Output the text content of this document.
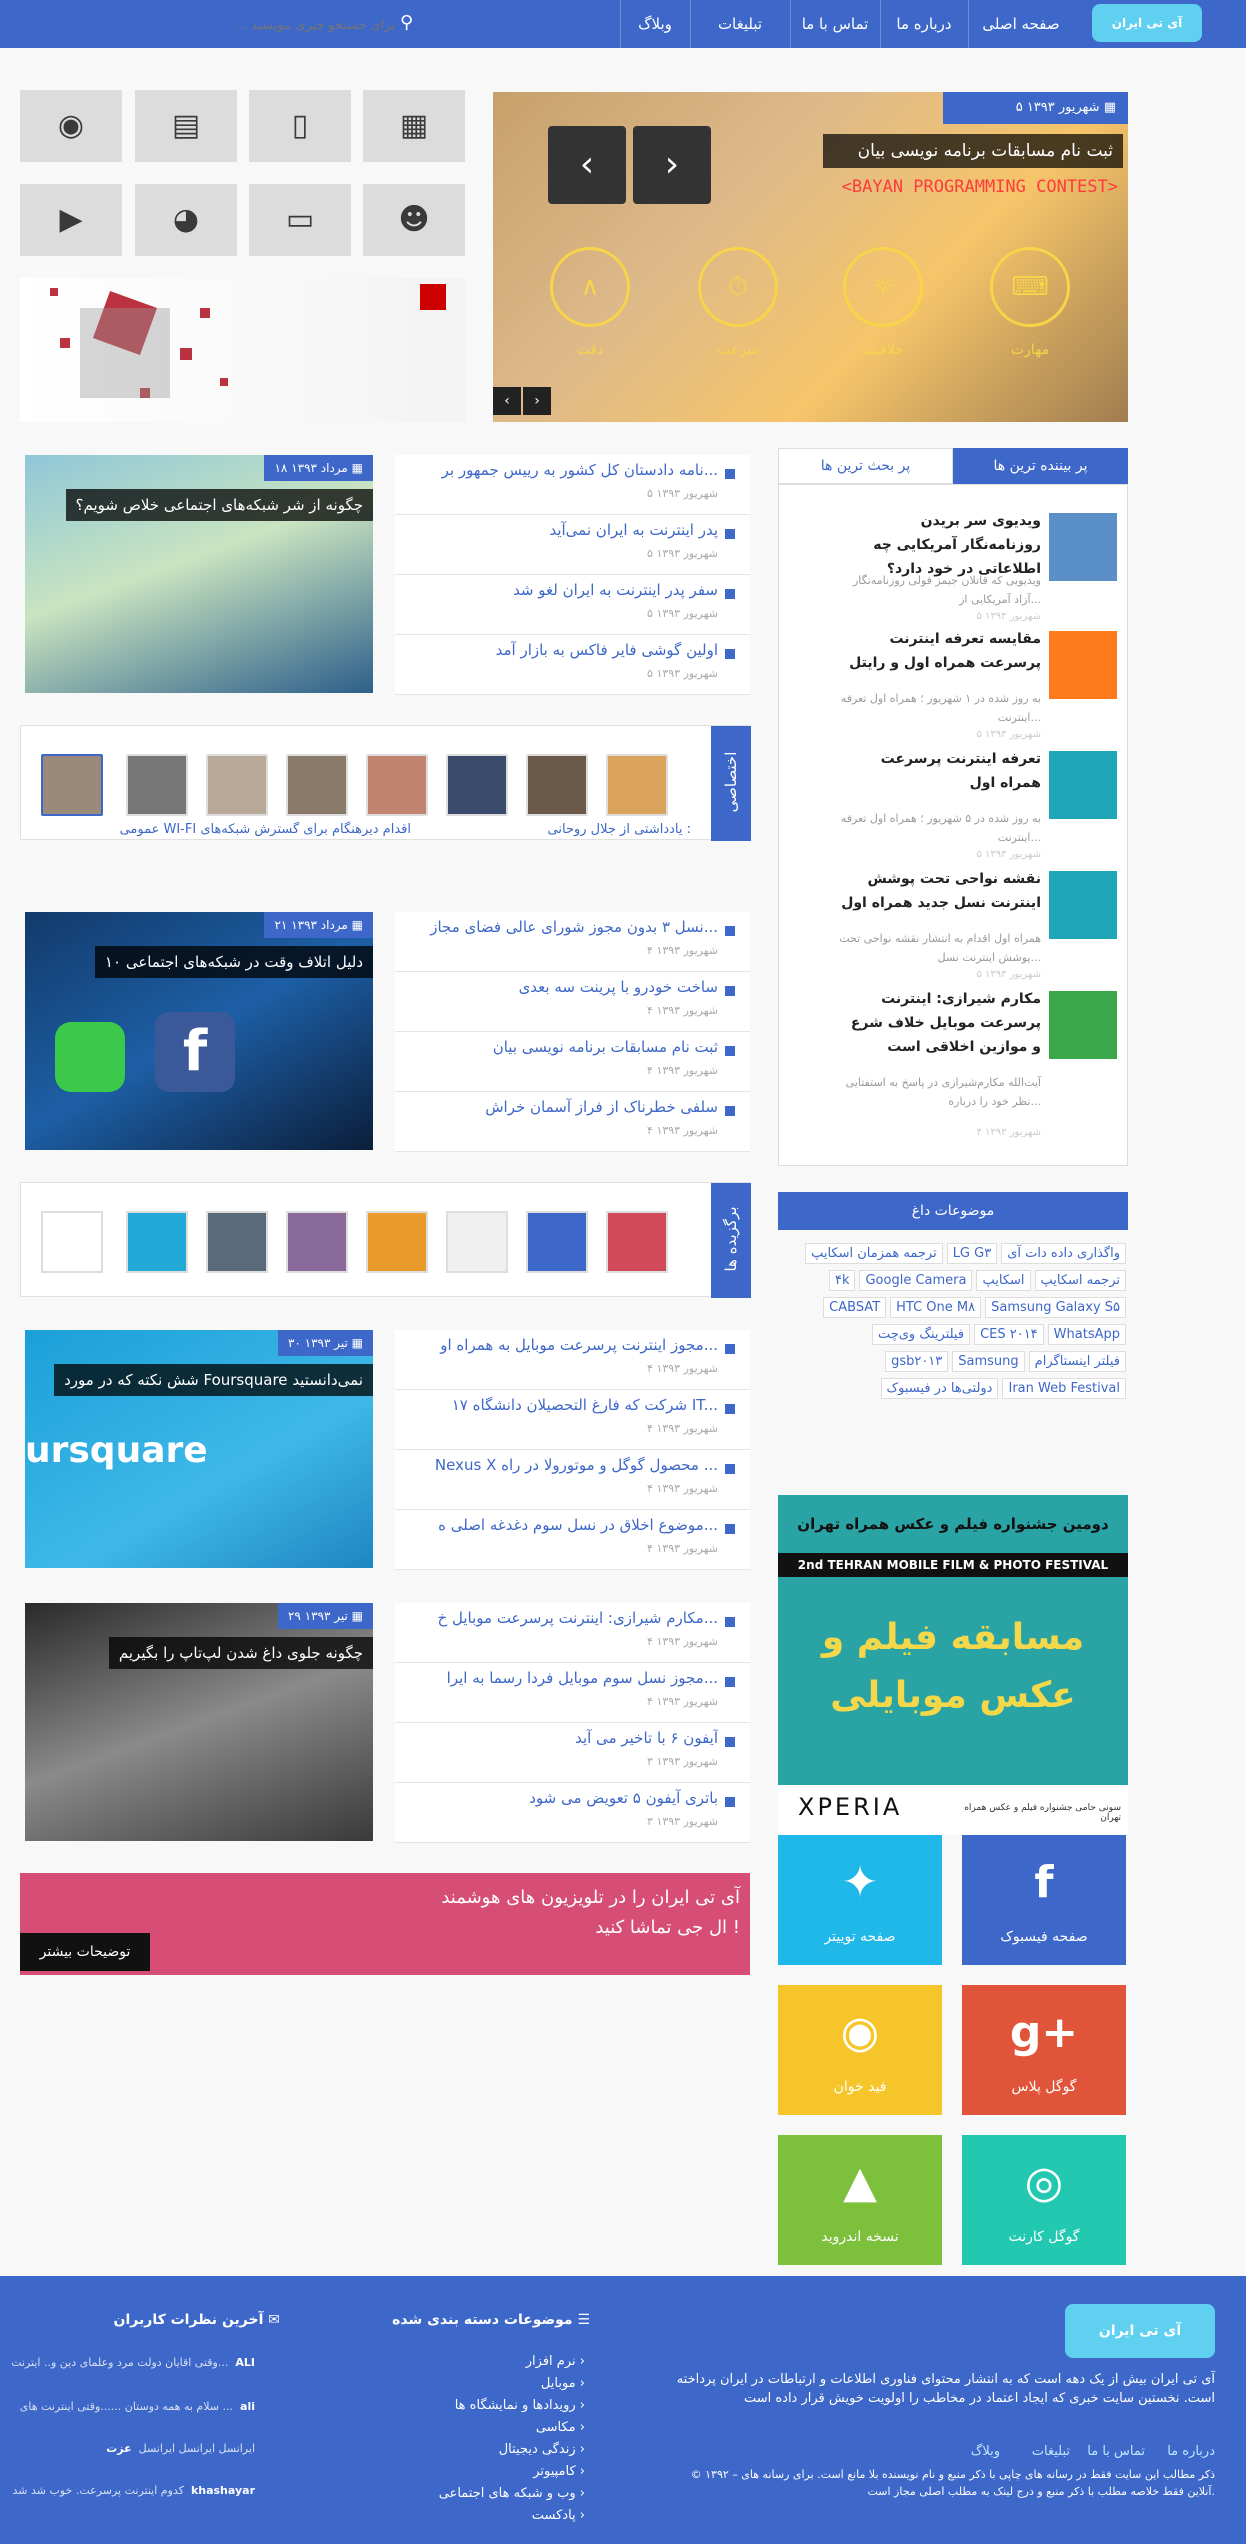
آی تی ایران
صفحه اصلی
درباره ما
تماس با ما
تبلیغات
وبلاگ
⚲
برای جستجو چیزی بنویسید ...
۵ شهریور ۱۳۹۳ ▦
ثبت نام مسابقات برنامه نویسی بیان
<BAYAN PROGRAMMING CONTEST>
‹	›
⌨
☼
⏱
∧
مهارت
خلاقیت
سرعت
دقت
‹	›
▦
▯
▤
◉
☻
▭
◕
▶
پر بحث ترین ها	پر بیننده ترین ها
ویدیوی سر بریدن روزنامه‌نگار آمریکایی چه اطلاعاتی در خود دارد؟
ویدیویی که قاتلان جیمز فولی روزنامه‌نگار آزاد آمریکایی از...
۵ شهریور ۱۳۹۳
مقایسه تعرفه اینترنت پرسرعت همراه اول و رایتل
به روز شده در ۱ شهریور ؛ همراه اول تعرفه اینترنت...
۵ شهریور ۱۳۹۳
تعرفه اینترنت پرسرعت همراه اول
به روز شده در ۵ شهریور ؛ همراه اول تعرفه اینترنت...
۵ شهریور ۱۳۹۳
نقشه نواحی تحت پوشش اینترنت نسل جدید همراه اول
همراه اول اقدام به انتشار نقشه نواحی تحت پوشش اینترنت نسل...
۵ شهریور ۱۳۹۳
مکارم شیرازی: اینترنت پرسرعت موبایل خلاف شرع و موازین اخلاقی است
آیت‌الله مکارم‌شیرازی در پاسخ به استفتایی نظر خود را درباره...
۴ شهریور ۱۳۹۳
موضوعات داغ
واگذاری داده دات آیLG G۳ترجمه همزمان اسکایپترجمه اسکایپاسکایپGoogle Camera۴kSamsung Galaxy S۵HTC One M۸CABSATWhatsAppCES ۲۰۱۴فیلترینگ وی‌چتفیلتر اینستاگرامSamsunggsb۲۰۱۳Iran Web Festivalدولتی‌ها در فیسبوک
دومین جشنواره فیلم و عکس همراه تهران
2nd TEHRAN MOBILE FILM & PHOTO FESTIVAL
مسابقه فیلم و
عکس موبایلی
XPERIA	سونی حامی جشنواره فیلم و عکس همراه تهران
f
صفحه فیسبوک
✦
صفحه توییتر
g+
گوگل پلاس
◉
فید خوان
◎
گوگل کارنت
▲
نسخه اندروید
نامه دادستان کل کشور به رییس جمهور بر...
۵ شهریور ۱۳۹۳
پدر اینترنت به ایران نمی‌آید
۵ شهریور ۱۳۹۳
سفر پدر اینترنت به ایران لغو شد
۵ شهریور ۱۳۹۳
اولین گوشی فایر فاکس به بازار آمد
۵ شهریور ۱۳۹۳
۱۸ مرداد ۱۳۹۳ ▦
چگونه از شر شبکه‌های اجتماعی خلاص شویم؟
اختصاصی
یادداشتی از جلال روحانی :
اقدام دیرهنگام برای گسترش شبکه‌های WI-FI عمومی
نسل ۳ بدون مجوز شورای عالی فضای مجاز...
۴ شهریور ۱۳۹۳
ساخت خودرو با پرینت سه بعدی
۴ شهریور ۱۳۹۳
ثبت نام مسابقات برنامه نویسی بیان
۴ شهریور ۱۳۹۳
سلفی خطرناک از فراز آسمان خراش
۴ شهریور ۱۳۹۳
۲۱ مرداد ۱۳۹۳ ▦
۱۰ دلیل اتلاف وقت در شبکه‌های اجتماعی
f
برگزیده ها
مجوز اینترنت پرسرعت موبایل به همراه او...
۴ شهریور ۱۳۹۳
۱۷ شرکت که فارغ التحصیلان دانشگاه IT...
۴ شهریور ۱۳۹۳
Nexus X محصول گوگل و موتورولا در راه ...
۴ شهریور ۱۳۹۳
موضوع اخلاق در نسل سوم دغدغه اصلی ه...
۴ شهریور ۱۳۹۳
۳۰ تیر ۱۳۹۳ ▦
شش نکته که در مورد Foursquare نمی‌دانستید
ursquare
مکارم شیرازی: اینترنت پرسرعت موبایل خ...
۴ شهریور ۱۳۹۳
مجوز نسل سوم موبایل فردا رسما به ایرا...
۴ شهریور ۱۳۹۳
آیفون ۶ با تاخیر می آید
۳ شهریور ۱۳۹۳
باتری آیفون ۵ تعویض می شود
۳ شهریور ۱۳۹۳
۲۹ تیر ۱۳۹۳ ▦
چگونه جلوی داغ شدن لپ‌تاپ را بگیریم
آی تی ایران را در تلویزیون های هوشمند
ال جی تماشا کنید !
توضیحات بیشتر
آی تی ایران
آی تی ایران بیش از یک دهه است که به انتشار محتوای فناوری اطلاعات و ارتباطات در ایران پرداخته است. نخستین سایت خبری که ایجاد اعتماد در مخاطب را اولویت خویش قرار داده است
درباره ما
تماس با ما
تبلیغات
وبلاگ
© ۱۳۹۲ – ذکر مطالب این سایت فقط در رسانه های چاپی با ذکر منبع و نام نویسنده بلا مانع است. برای رسانه های آنلاین فقط خلاصه مطلب با ذکر منبع و درج لینک به مطلب اصلی مجاز است.
موضوعات دسته بندی شده ☰
نرم افزار ›
موبایل ›
رویدادها و نمایشگاه ها ›
مکاسی ›
زندگی دیجیتال ›
کامپیوتر ›
وب و شبکه های اجتماعی ›
پادکست ›
آخرین نظرات کاربران ✉
وقتی اقایان دولت مرد وعلمای دین و.. ایترنت... ALI
سلام به همه دوستان ......وقتی اینترنت های ... ali
ایرانسل ایرانسل ایرانسل  عزت
کدوم اینترنت پرسرعت. خوب شد شد khashayar
